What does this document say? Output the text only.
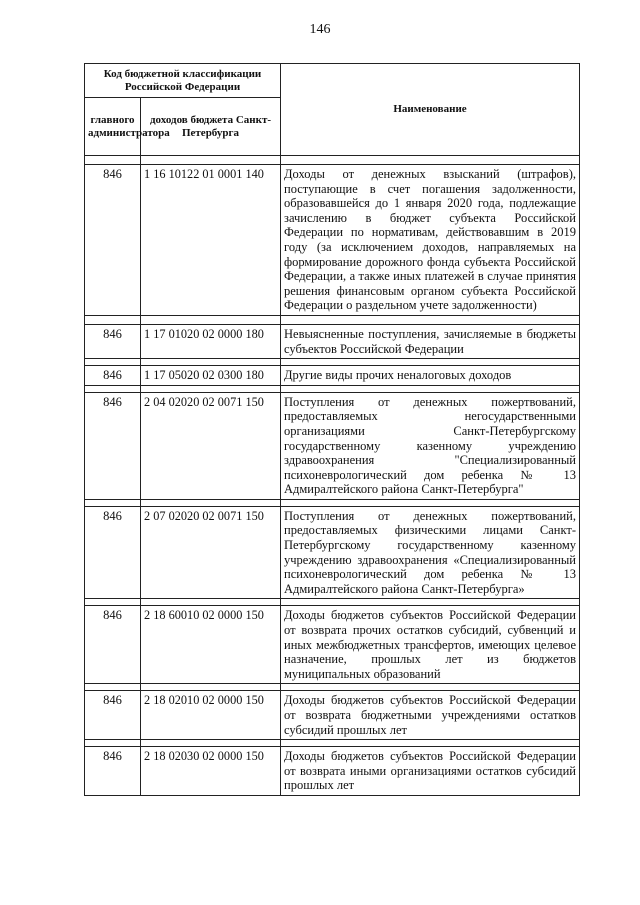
146
Код бюджетной классификации Российской Федерации		Наименование
главного администратора	доходов бюджета Санкт-Петербурга	

846	1 16 10122 01 0001 140	Доходы от денежных взысканий (штрафов), поступающие в счет погашения задолженности, образовавшейся до 1 января 2020 года, подлежащие зачислению в бюджет субъекта Российской Федерации по нормативам, действовавшим в 2019 году (за исключением доходов, направляемых на формирование дорожного фонда субъекта Российской Федерации, а также иных платежей в случае принятия решения финансовым органом субъекта Российской Федерации о раздельном учете задолженности)

846	1 17 01020 02 0000 180	Невыясненные поступления, зачисляемые в бюджеты субъектов Российской Федерации

846	1 17 05020 02 0300 180	Другие виды прочих неналоговых доходов

846	2 04 02020 02 0071 150	Поступления от денежных пожертвований, предоставляемых негосударственными организациями Санкт-Петербургскому государственному казенному учреждению здравоохранения "Специализированный психоневрологический дом ребенка № 13 Адмиралтейского района Санкт-Петербурга"

846	2 07 02020 02 0071 150	Поступления от денежных пожертвований, предоставляемых физическими лицами Санкт-Петербургскому государственному казенному учреждению здравоохранения «Специализированный психоневрологический дом ребенка № 13 Адмиралтейского района Санкт-Петербурга»

846	2 18 60010 02 0000 150	Доходы бюджетов субъектов Российской Федерации от возврата прочих остатков субсидий, субвенций и иных межбюджетных трансфертов, имеющих целевое назначение, прошлых лет из бюджетов муниципальных образований

846	2 18 02010 02 0000 150	Доходы бюджетов субъектов Российской Федерации от возврата бюджетными учреждениями остатков субсидий прошлых лет

846	2 18 02030 02 0000 150	Доходы бюджетов субъектов Российской Федерации от возврата иными организациями остатков субсидий прошлых лет
